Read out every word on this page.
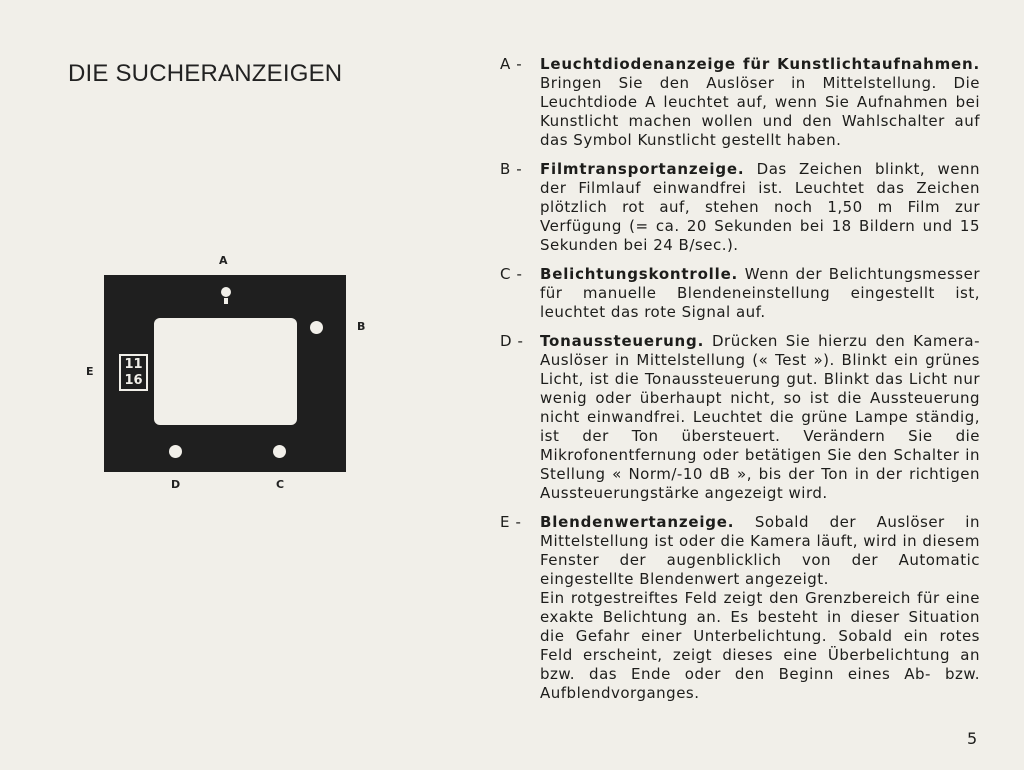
DIE SUCHERANZEIGEN
A
B
E
D	C
11
16
A -	Leuchtdiodenanzeige für Kunstlichtaufnahmen. Bringen Sie den Auslöser in Mittelstellung. Die Leuchtdiode A leuchtet auf, wenn Sie Aufnahmen bei Kunstlicht machen wollen und den Wahlschalter auf das Symbol Kunstlicht gestellt haben.
B -	Filmtransportanzeige. Das Zeichen blinkt, wenn der Filmlauf einwandfrei ist. Leuchtet das Zeichen plötzlich rot auf, stehen noch 1,50 m Film zur Verfügung (= ca. 20 Sekunden bei 18 Bildern und 15 Sekunden bei 24 B/sec.).
C -	Belichtungskontrolle. Wenn der Belichtungsmesser für manuelle Blendeneinstellung eingestellt ist, leuchtet das rote Signal auf.
D -	Tonaussteuerung. Drücken Sie hierzu den Kamera-Auslöser in Mittelstellung (« Test »). Blinkt ein grünes Licht, ist die Tonaussteuerung gut. Blinkt das Licht nur wenig oder überhaupt nicht, so ist die Aussteuerung nicht einwandfrei. Leuchtet die grüne Lampe ständig, ist der Ton übersteuert. Verändern Sie die Mikrofonentfernung oder betätigen Sie den Schalter in Stellung « Norm/-10 dB », bis der Ton in der richtigen Aussteuerungstärke angezeigt wird.
E -	Blendenwertanzeige. Sobald der Auslöser in Mittelstellung ist oder die Kamera läuft, wird in diesem Fenster der augenblicklich von der Automatic eingestellte Blendenwert angezeigt.
Ein rotgestreiftes Feld zeigt den Grenzbereich für eine exakte Belichtung an. Es besteht in dieser Situation die Gefahr einer Unterbelichtung. Sobald ein rotes Feld erscheint, zeigt dieses eine Überbelichtung an bzw. das Ende oder den Beginn eines Ab- bzw. Aufblendvorganges.
5
